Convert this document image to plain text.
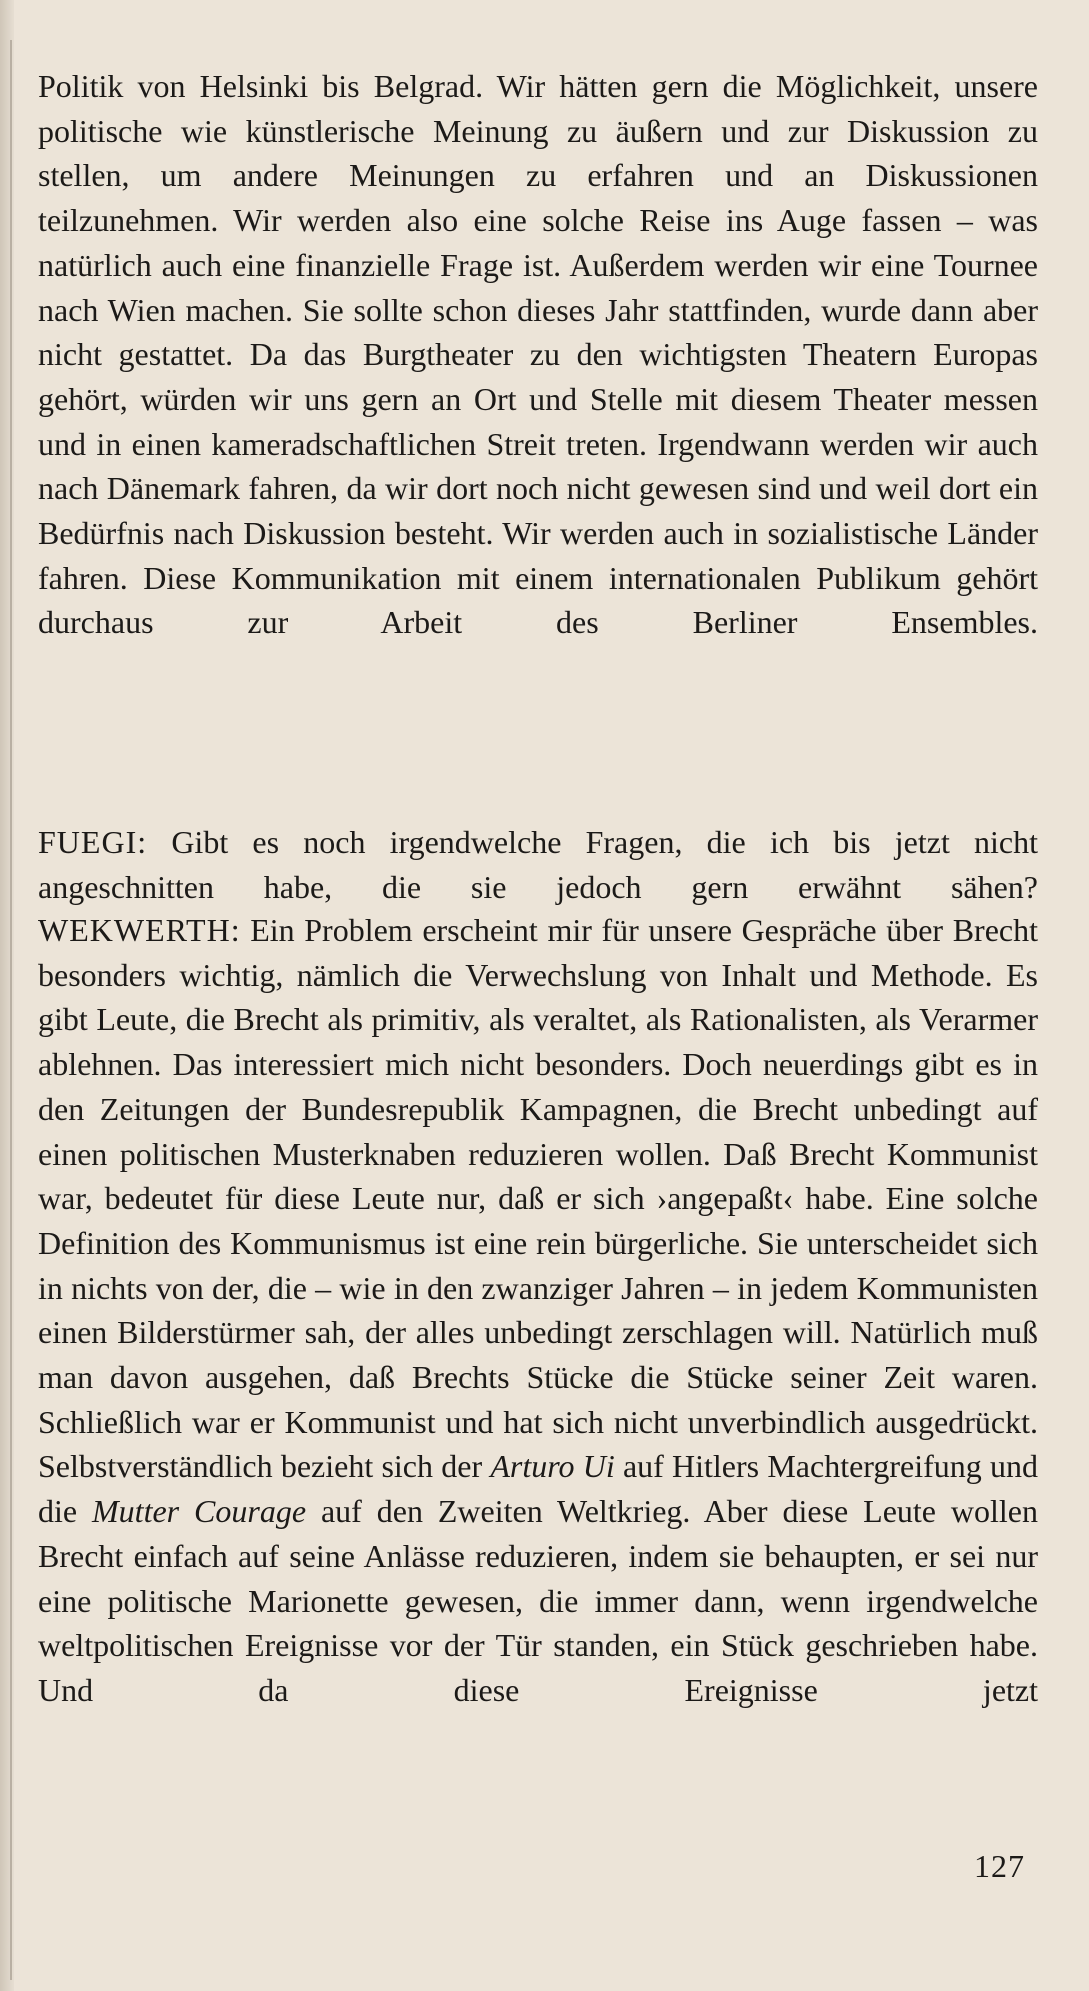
Politik von Helsinki bis Belgrad. Wir hätten gern die Möglichkeit, unsere politische wie künstlerische Meinung zu äußern und zur Diskussion zu stellen, um andere Meinungen zu erfahren und an Diskussionen teilzunehmen. Wir werden also eine solche Reise ins Auge fassen – was natürlich auch eine finanzielle Frage ist. Außerdem werden wir eine Tournee nach Wien machen. Sie sollte schon dieses Jahr stattfinden, wurde dann aber nicht gestattet. Da das Burgtheater zu den wichtigsten Theatern Europas gehört, würden wir uns gern an Ort und Stelle mit diesem Theater messen und in einen kameradschaftlichen Streit treten. Irgendwann werden wir auch nach Dänemark fahren, da wir dort noch nicht gewesen sind und weil dort ein Bedürfnis nach Diskussion besteht. Wir werden auch in sozialistische Länder fahren. Diese Kommunikation mit einem internationalen Publikum gehört durchaus zur Arbeit des Berliner Ensembles.

FUEGI: Gibt es noch irgendwelche Fragen, die ich bis jetzt nicht angeschnitten habe, die sie jedoch gern erwähnt sähen?

WEKWERTH: Ein Problem erscheint mir für unsere Gespräche über Brecht besonders wichtig, nämlich die Verwechslung von Inhalt und Methode. Es gibt Leute, die Brecht als primitiv, als veraltet, als Rationalisten, als Verarmer ablehnen. Das interessiert mich nicht besonders. Doch neuerdings gibt es in den Zeitungen der Bundesrepublik Kampagnen, die Brecht unbedingt auf einen politischen Musterknaben reduzieren wollen. Daß Brecht Kommunist war, bedeutet für diese Leute nur, daß er sich ›angepaßt‹ habe. Eine solche Definition des Kommunismus ist eine rein bürgerliche. Sie unterscheidet sich in nichts von der, die – wie in den zwanziger Jahren – in jedem Kommunisten einen Bilderstürmer sah, der alles unbedingt zerschlagen will. Natürlich muß man davon ausgehen, daß Brechts Stücke die Stücke seiner Zeit waren. Schließlich war er Kommunist und hat sich nicht unverbindlich ausgedrückt. Selbstverständlich bezieht sich der Arturo Ui auf Hitlers Machtergreifung und die Mutter Courage auf den Zweiten Weltkrieg. Aber diese Leute wollen Brecht einfach auf seine Anlässe reduzieren, indem sie behaupten, er sei nur eine politische Marionette gewesen, die immer dann, wenn irgendwelche weltpolitischen Ereignisse vor der Tür standen, ein Stück geschrieben habe. Und da diese Ereignisse jetzt

127
